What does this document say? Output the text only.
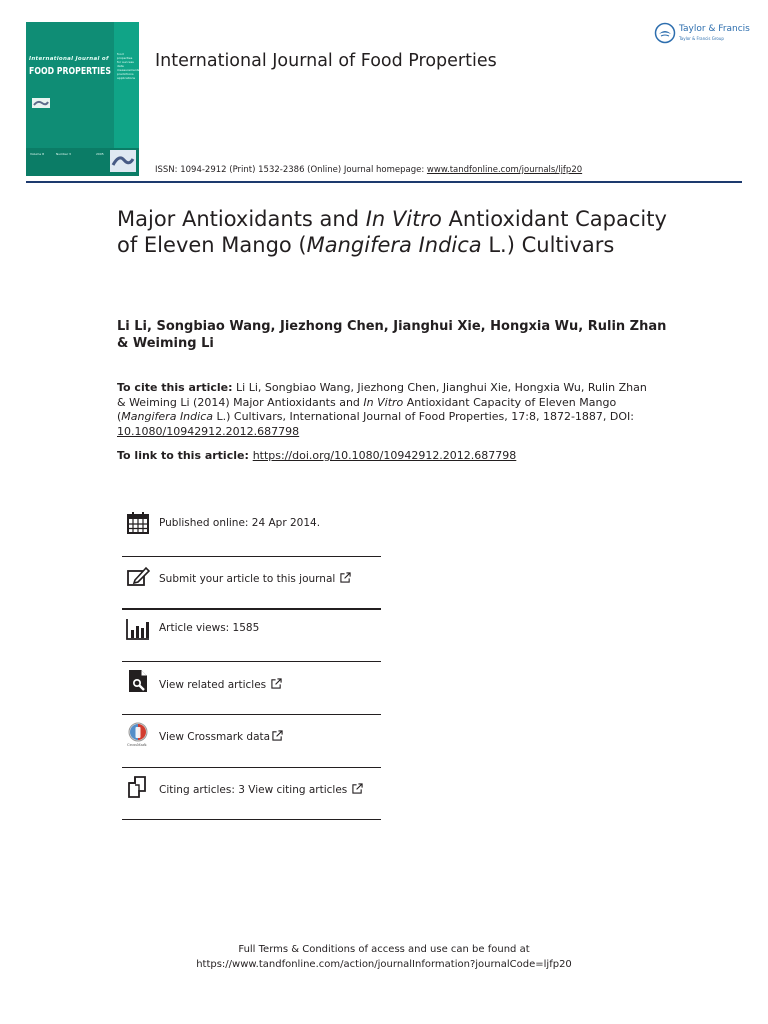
International Journal of
FOOD PROPERTIES
food properties for success data measurements predictions applications
Volume 8	Number 3	2005
International Journal of Food Properties
Taylor & Francis
Taylor & Francis Group
ISSN: 1094-2912 (Print) 1532-2386 (Online) Journal homepage: www.tandfonline.com/journals/ljfp20
Major Antioxidants and In Vitro Antioxidant Capacity of Eleven Mango (Mangifera Indica L.) Cultivars
Li Li, Songbiao Wang, Jiezhong Chen, Jianghui Xie, Hongxia Wu, Rulin Zhan & Weiming Li
To cite this article: Li Li, Songbiao Wang, Jiezhong Chen, Jianghui Xie, Hongxia Wu, Rulin Zhan & Weiming Li (2014) Major Antioxidants and In Vitro Antioxidant Capacity of Eleven Mango (Mangifera Indica L.) Cultivars, International Journal of Food Properties, 17:8, 1872-1887, DOI: 10.1080/10942912.2012.687798
To link to this article: https://doi.org/10.1080/10942912.2012.687798
Published online: 24 Apr 2014.
Submit your article to this journal
Article views: 1585
View related articles
CrossMark
View Crossmark data
Citing articles: 3 View citing articles
Full Terms & Conditions of access and use can be found at
https://www.tandfonline.com/action/journalInformation?journalCode=ljfp20
